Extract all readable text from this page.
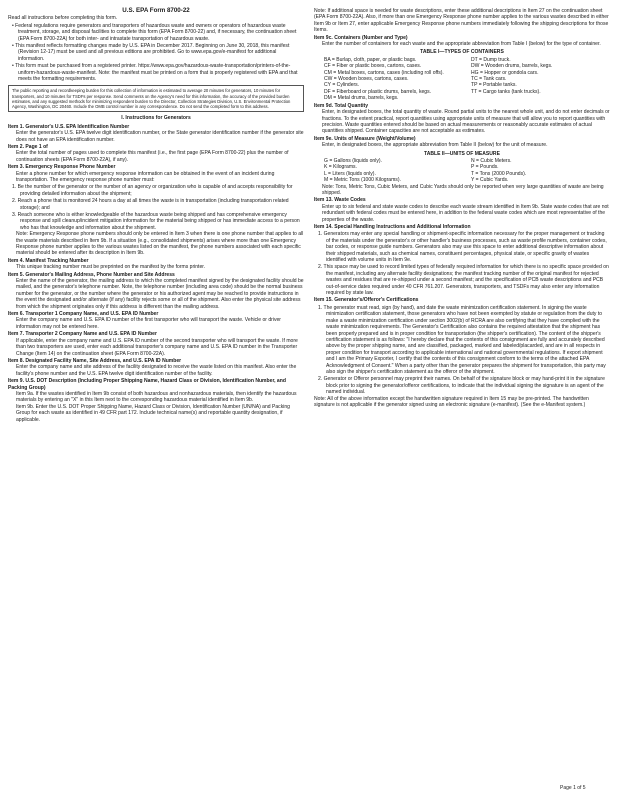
U.S. EPA Form 8700-22

Read all instructions before completing this form.

• Federal regulations require generators and transporters of hazardous waste and owners or operators of hazardous waste treatment, storage, and disposal facilities to complete this form (EPA Form 8700-22) and, if necessary, the continuation sheet (EPA Form 8700-22A) for both inter- and intrastate transportation of hazardous waste.

• This manifest reflects formatting changes made by U.S. EPA in December 2017. Beginning on June 30, 2018, this manifest (Revision 12-17) must be used and all previous editions are prohibited. Go to www.epa.gov/e-manifest for additional information.

• This form must be purchased from a registered printer. https://www.epa.gov/hazardous-waste-transportation/printers-of-the-uniform-hazardous-waste-manifest. Note: the manifest must be printed on a form that is properly registered with EPA and that meets the formatting requirements.

The public reporting and recordkeeping burden for this collection of information is estimated to average 20 minutes for generators, 10 minutes for transporters, and 10 minutes for TSDFs per response. Send comments on the Agency's need for this information, the accuracy of the provided burden estimates, and any suggested methods for minimizing respondent burden to the Director, Collection Strategies Division, U.S. Environmental Protection Agency, Washington, DC 20460. Include the OMB control number in any correspondence. Do not send the completed form to this address.

I. Instructions for Generators

Item 1. Generator's U.S. EPA Identification Number

Enter the generator's U.S. EPA twelve digit identification number, or the State generator identification number if the generator site does not have an EPA identification number.

Item 2. Page 1 of

Enter the total number of pages used to complete this manifest (i.e., the first page (EPA Form 8700-22) plus the number of continuation sheets (EPA Form 8700-22A), if any).

Item 3. Emergency Response Phone Number

Enter a phone number for which emergency response information can be obtained in the event of an incident during transportation. The emergency response phone number must:

1. Be the number of the generator or the number of an agency or organization who is capable of and accepts responsibility for providing detailed information about the shipment;

2. Reach a phone that is monitored 24 hours a day at all times the waste is in transportation (including transportation related storage); and

3. Reach someone who is either knowledgeable of the hazardous waste being shipped and has comprehensive emergency response and spill cleanup/incident mitigation information for the material being shipped or has immediate access to a person who has that knowledge and information about the shipment.

Note: Emergency Response phone numbers should only be entered in Item 3 when there is one phone number that applies to all the waste materials described in Item 9b. If a situation (e.g., consolidated shipments) arises where more than one Emergency Response phone number applies to the various wastes listed on the manifest, the phone numbers associated with each specific material should be entered after its description in Item 9b.

Item 4. Manifest Tracking Number

This unique tracking number must be preprinted on the manifest by the forms printer.

Item 5. Generator's Mailing Address, Phone Number and Site Address

Enter the name of the generator, the mailing address to which the completed manifest signed by the designated facility should be mailed, and the generator's telephone number. Note, the telephone number (including area code) should be the normal business number for the generator, or the number where the generator or his authorized agent may be reached to provide instructions in the event the designated and/or alternate (if any) facility rejects some or all of the shipment. Also enter the physical site address from which the shipment originates only if this address is different than the mailing address.

Item 6. Transporter 1 Company Name, and U.S. EPA ID Number

Enter the company name and U.S. EPA ID number of the first transporter who will transport the waste. Vehicle or driver information may not be entered here.

Item 7. Transporter 2 Company Name and U.S. EPA ID Number

If applicable, enter the company name and U.S. EPA ID number of the second transporter who will transport the waste. If more than two transporters are used, enter each additional transporter's company name and U.S. EPA ID number in the Transporter Change (Item 14) on the continuation sheet (EPA Form 8700-22A).

Item 8. Designated Facility Name, Site Address, and U.S. EPA ID Number

Enter the company name and site address of the facility designated to receive the waste listed on this manifest. Also enter the facility's phone number and the U.S. EPA twelve digit identification number of the facility.

Item 9. U.S. DOT Description (Including Proper Shipping Name, Hazard Class or Division, Identification Number, and Packing Group)

Item 9a. If the wastes identified in Item 9b consist of both hazardous and nonhazardous materials, then identify the hazardous materials by entering an "X" in this Item next to the corresponding hazardous material identified in Item 9b.

Item 9b. Enter the U.S. DOT Proper Shipping Name, Hazard Class or Division, Identification Number (UN/NA) and Packing Group for each waste as identified in 49 CFR part 172. Include technical name(s) and reportable quantity designation, if applicable.

Note: If additional space is needed for waste descriptions, enter these additional descriptions in Item 27 on the continuation sheet (EPA Form 8700-22A). Also, if more than one Emergency Response phone number applies to the various wastes described in either Item 9b or Item 27, enter applicable Emergency Response phone numbers immediately following the shipping descriptions for those Items.

Item 9c. Containers (Number and Type)

Enter the number of containers for each waste and the appropriate abbreviation from Table I (below) for the type of container.

TABLE I—TYPES OF CONTAINERS

BA = Burlap, cloth, paper, or plastic bags.	DT = Dump truck.

CF = Fiber or plastic boxes, cartons, cases.	DW = Wooden drums, barrels, kegs.

CM = Metal boxes, cartons, cases (including roll offs).	HG = Hopper or gondola cars.

CW = Wooden boxes, cartons, cases.	TC = Tank cars.

CY = Cylinders.	TP = Portable tanks.

DF = Fiberboard or plastic drums, barrels, kegs.	TT = Cargo tanks (tank trucks).

DM = Metal drums, barrels, kegs.

Item 9d. Total Quantity

Enter, in designated boxes, the total quantity of waste. Round partial units to the nearest whole unit, and do not enter decimals or fractions. To the extent practical, report quantities using appropriate units of measure that will allow you to report quantities with precision. Waste quantities entered should be based on actual measurements or reasonably accurate estimates of actual quantities shipped. Container capacities are not acceptable as estimates.

Item 9e. Units of Measure (Weight/Volume)

Enter, in designated boxes, the appropriate abbreviation from Table II (below) for the unit of measure.

TABLE II—UNITS OF MEASURE

G = Gallons (liquids only).	N = Cubic Meters.

K = Kilograms.	P = Pounds.

L = Liters (liquids only).	T = Tons (2000 Pounds).

M = Metric Tons (1000 Kilograms).	Y = Cubic Yards.

Note: Tons, Metric Tons, Cubic Meters, and Cubic Yards should only be reported when very large quantities of waste are being shipped.

Item 13. Waste Codes

Enter up to six federal and state waste codes to describe each waste stream identified in Item 9b. State waste codes that are not redundant with federal codes must be entered here, in addition to the federal waste codes which are most representative of the properties of the waste.

Item 14. Special Handling Instructions and Additional Information

1. Generators may enter any special handling or shipment-specific information necessary for the proper management or tracking of the materials under the generator's or other handler's business processes, such as waste profile numbers, container codes, bar codes, or response guide numbers. Generators also may use this space to enter additional descriptive information about their shipped materials, such as chemical names, constituent percentages, physical state, or specific gravity of wastes identified with volume units in Item 9e.

2. This space may be used to record limited types of federally required information for which there is no specific space provided on the manifest, including any alternate facility designations; the manifest tracking number of the original manifest for rejected wastes and residues that are re-shipped under a second manifest; and the specification of PCB waste descriptions and PCB out-of-service dates required under 40 CFR 761.207. Generators, transporters, and TSDFs may also enter any information required by state law.

Item 15. Generator's/Offeror's Certifications

1. The generator must read, sign (by hand), and date the waste minimization certification statement. In signing the waste minimization certification statement, those generators who have not been exempted by statute or regulation from the duty to make a waste minimization certification under section 3002(b) of RCRA are also certifying that they have complied with the waste minimization requirements. The Generator's Certification also contains the required attestation that the shipment has been properly prepared and is in proper condition for transportation (the shipper's certification). The content of the shipper's certification statement is as follows: "I hereby declare that the contents of this consignment are fully and accurately described above by the proper shipping name, and are classified, packaged, marked and labeled/placarded, and are in all respects in proper condition for transport according to applicable international and national governmental regulations. If export shipment and I am the Primary Exporter, I certify that the contents of this consignment conform to the terms of the attached EPA Acknowledgment of Consent." When a party other than the generator prepares the shipment for transportation, this party may also sign the shipper's certification statement as the offeror of the shipment.

2. Generator or Offeror personnel may preprint their names. On behalf of the signature block or may hand-print it in the signature block prior to signing the generator/offeror certifications, to indicate that the individual signing the signature is an agent of the named individual.

Note: All of the above information except the handwritten signature required in Item 15 may be pre-printed. The handwritten signature is not applicable if the generator signed using an electronic signature (e-manifest). (See the e-Manifest system.)

Page 1 of 5
